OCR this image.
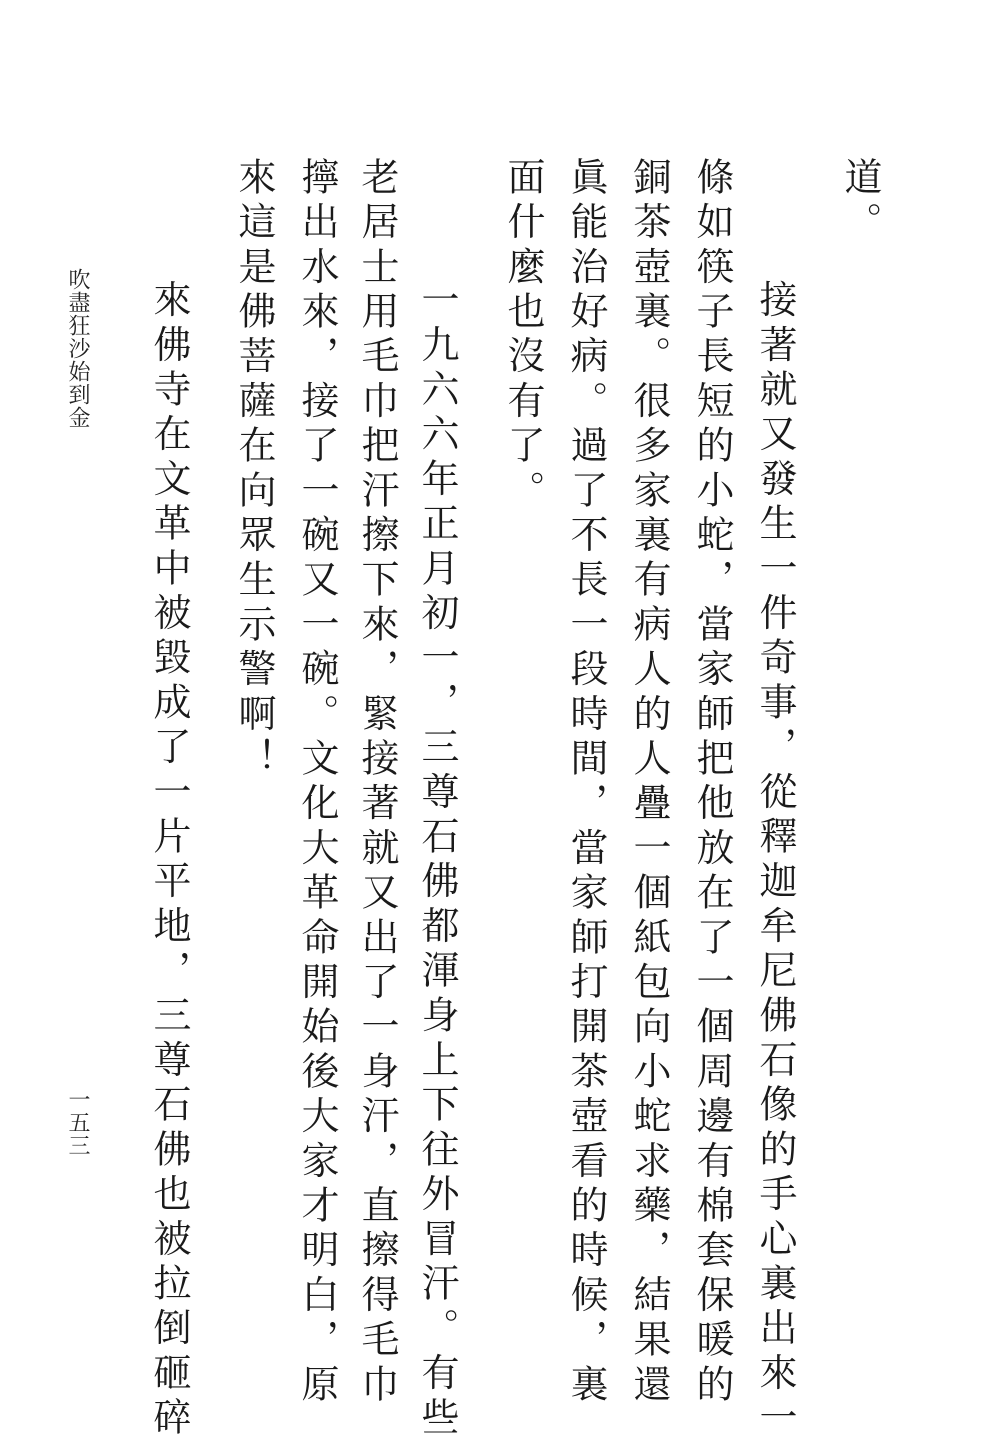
道。
　接著就又發生一件奇事，從釋迦牟尼佛石像的手心裏出來一
條如筷子長短的小蛇，當家師把他放在了一個周邊有棉套保暖的
銅茶壺裏。很多家裏有病人的人疊一個紙包向小蛇求藥，結果還
眞能治好病。過了不長一段時間，當家師打開茶壺看的時候，裏
面什麼也沒有了。
　一九六六年正月初一，三尊石佛都渾身上下往外冒汗。有些
老居士用毛巾把汗擦下來，緊接著就又出了一身汗，直擦得毛巾
擰出水來，接了一碗又一碗。文化大革命開始後大家才明白，原
來這是佛菩薩在向眾生示警啊！
　來佛寺在文革中被毀成了一片平地，三尊石佛也被拉倒砸碎
吹盡狂沙始到金
一五三
